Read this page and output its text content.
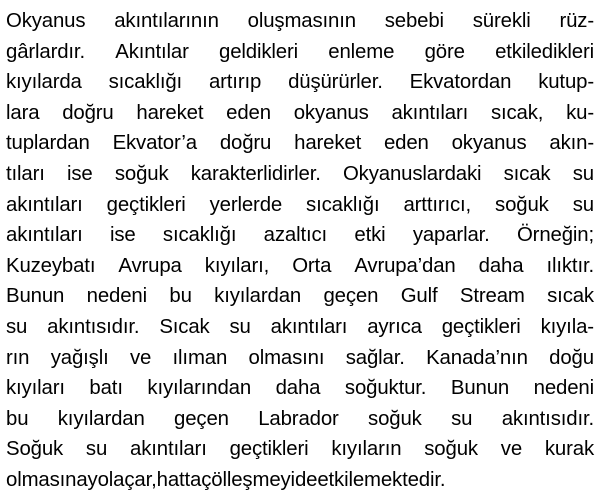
Okyanus akıntılarının oluşmasının sebebi sürekli rüz-
gârlardır. Akıntılar geldikleri enleme göre etkiledikleri
kıyılarda sıcaklığı artırıp düşürürler. Ekvatordan kutup-
lara doğru hareket eden okyanus akıntıları sıcak, ku-
tuplardan Ekvator’a doğru hareket eden okyanus akın-
tıları ise soğuk karakterlidirler. Okyanuslardaki sıcak su
akıntıları geçtikleri yerlerde sıcaklığı arttırıcı, soğuk su
akıntıları ise sıcaklığı azaltıcı etki yaparlar. Örneğin;
Kuzeybatı Avrupa kıyıları, Orta Avrupa’dan daha ılıktır.
Bunun nedeni bu kıyılardan geçen Gulf Stream sıcak
su akıntısıdır. Sıcak su akıntıları ayrıca geçtikleri kıyıla-
rın yağışlı ve ılıman olmasını sağlar. Kanada’nın doğu
kıyıları batı kıyılarından daha soğuktur. Bunun nedeni
bu kıyılardan geçen Labrador soğuk su akıntısıdır.
Soğuk su akıntıları geçtikleri kıyıların soğuk ve kurak
olmasına yol açar, hatta çölleşmeyi de etkilemektedir.
